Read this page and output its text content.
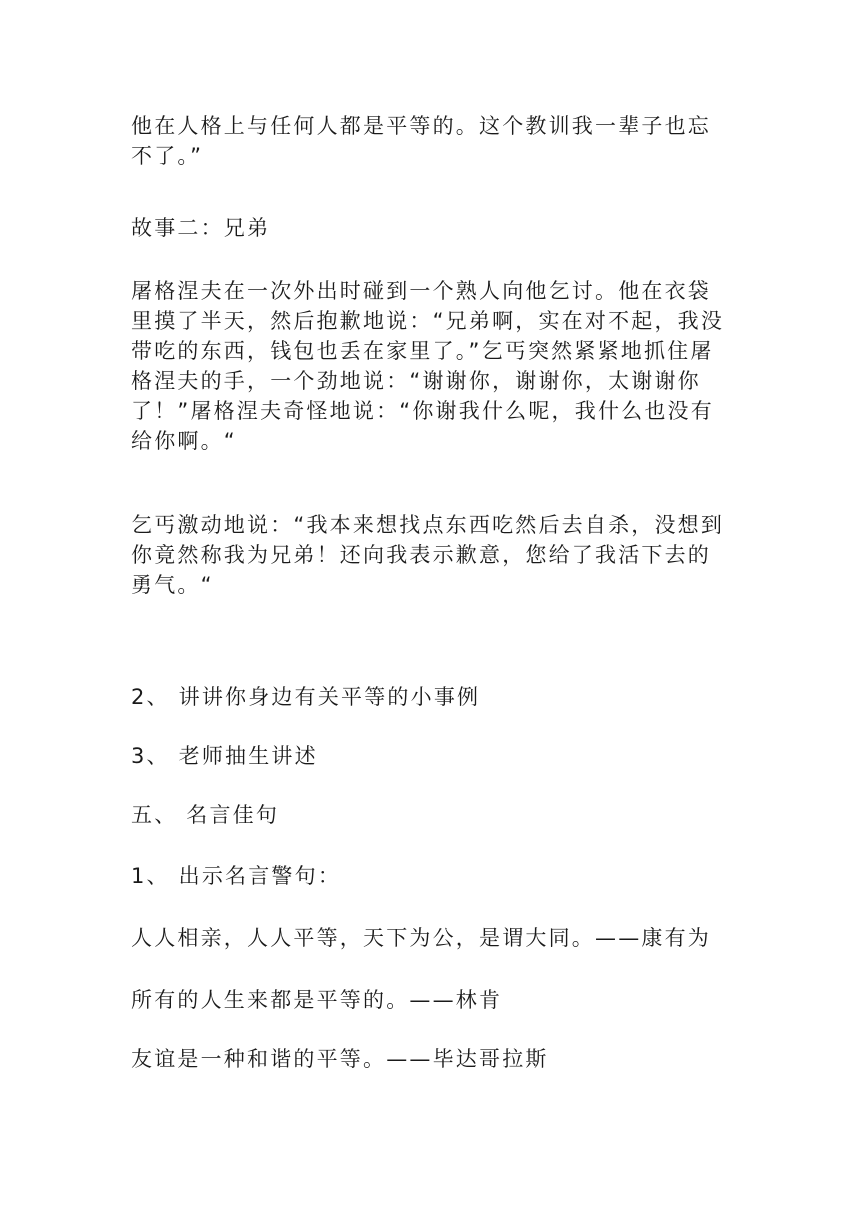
他在人格上与任何人都是平等的。这个教训我一辈子也忘不了。”
故事二：兄弟
屠格涅夫在一次外出时碰到一个熟人向他乞讨。他在衣袋里摸了半天，然后抱歉地说：“兄弟啊，实在对不起，我没带吃的东西，钱包也丢在家里了。”乞丐突然紧紧地抓住屠格涅夫的手，一个劲地说：“谢谢你，谢谢你，太谢谢你了！”屠格涅夫奇怪地说：“你谢我什么呢，我什么也没有给你啊。“
乞丐激动地说：“我本来想找点东西吃然后去自杀，没想到你竟然称我为兄弟！还向我表示歉意，您给了我活下去的勇气。“
2、 讲讲你身边有关平等的小事例
3、 老师抽生讲述
五、 名言佳句
1、 出示名言警句：
人人相亲，人人平等，天下为公，是谓大同。——康有为
所有的人生来都是平等的。——林肯
友谊是一种和谐的平等。——毕达哥拉斯
